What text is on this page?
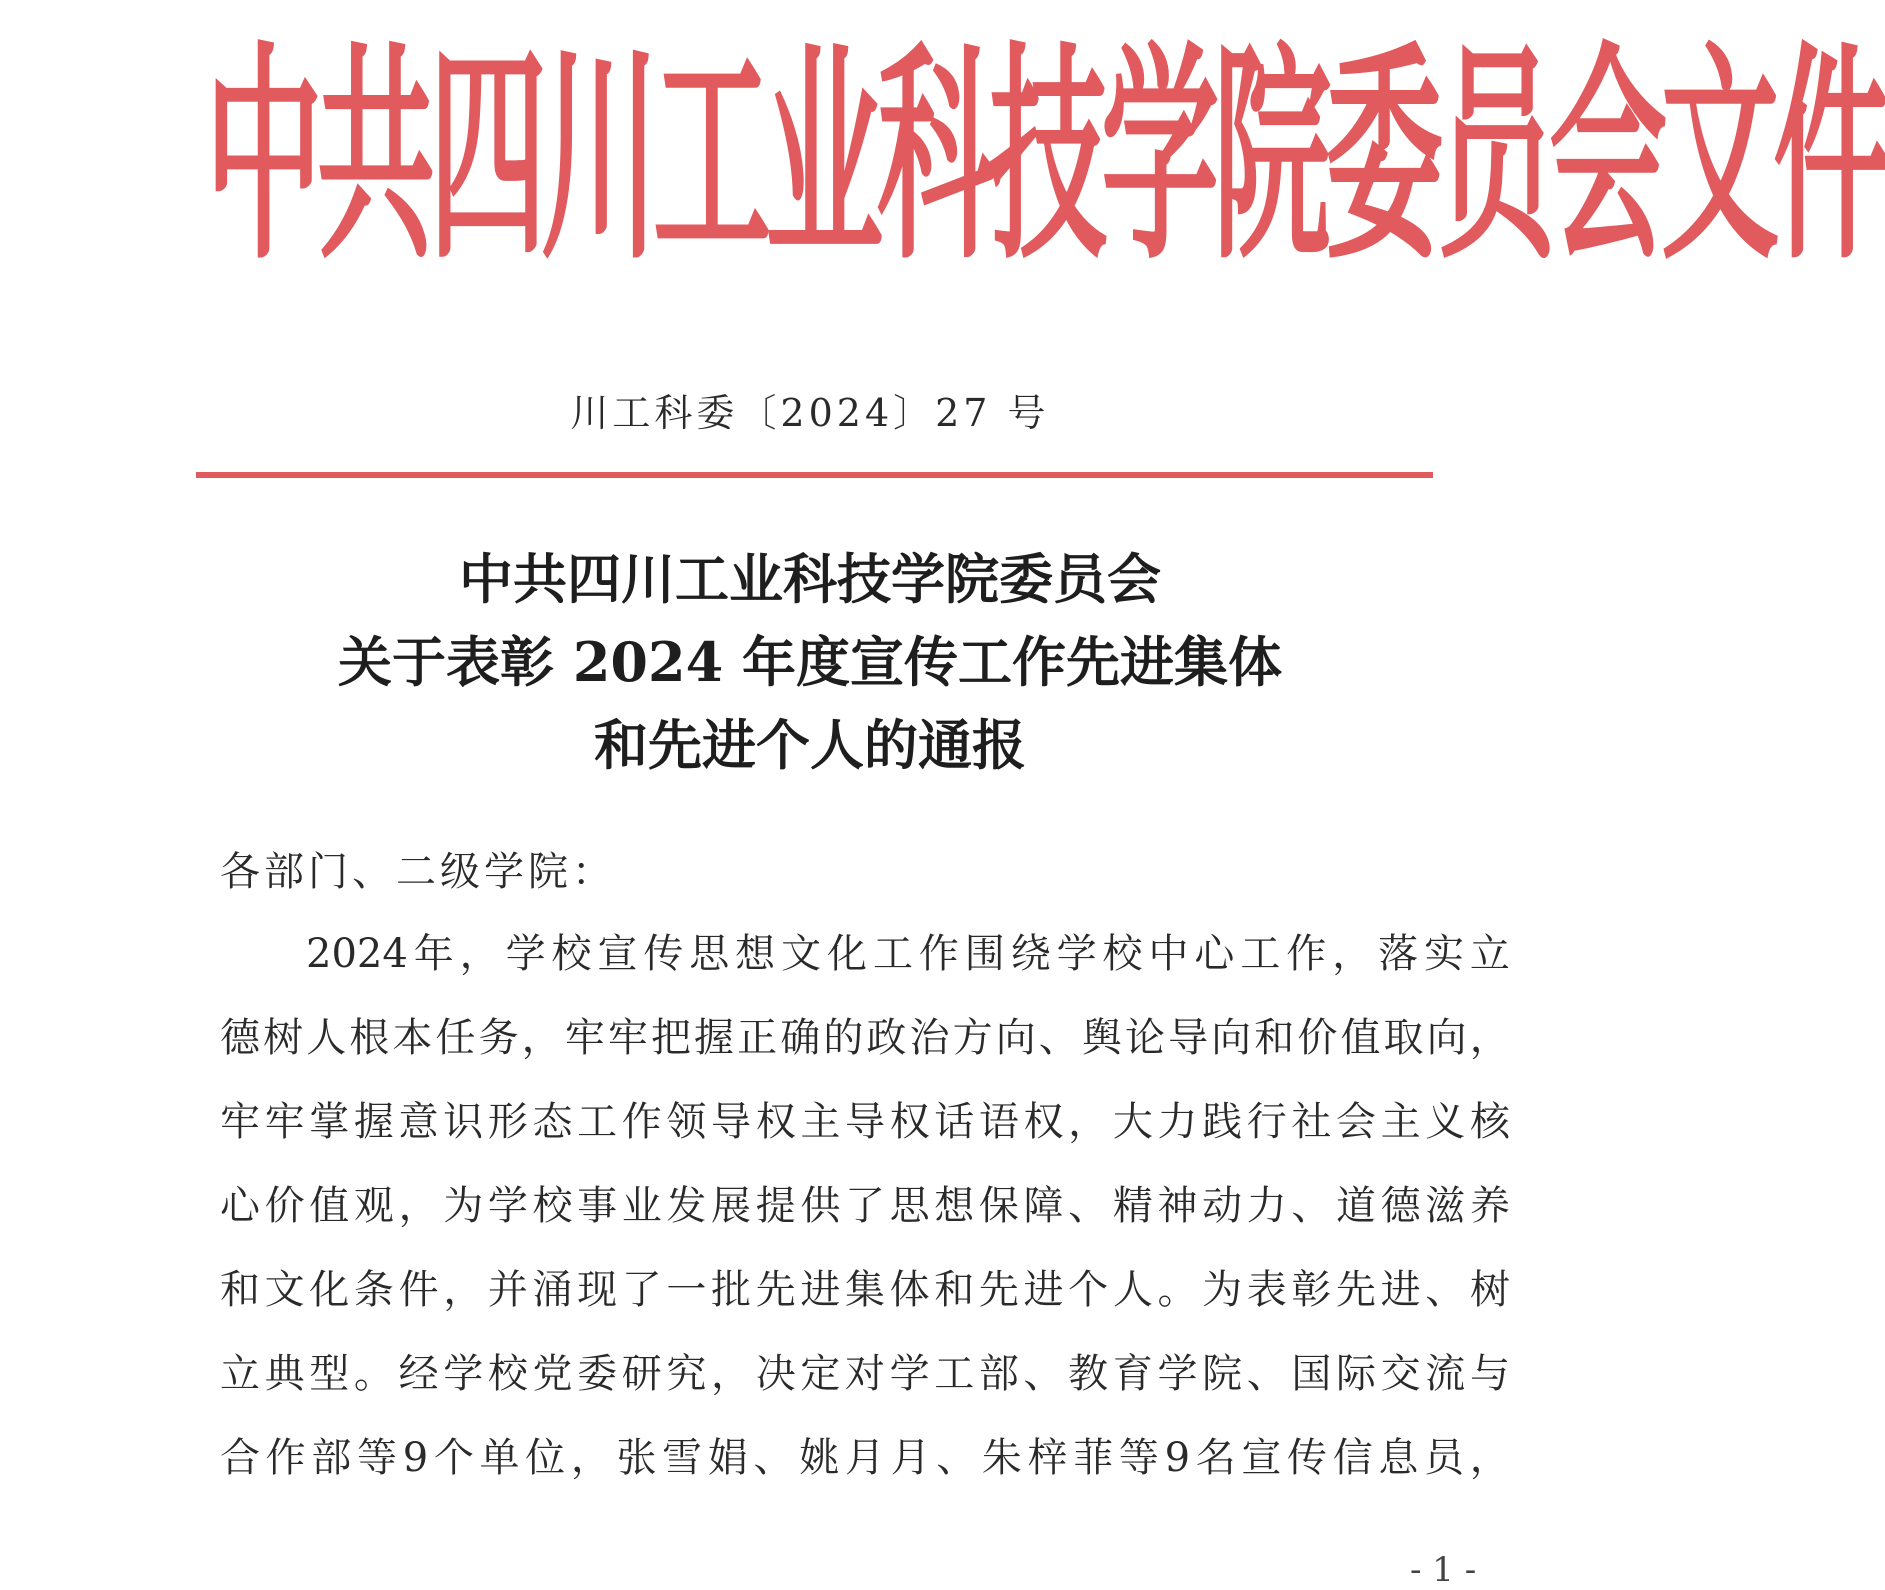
中 共 四 川 工 业 科 技 学 院 委 员 会 文 件
川工科委〔2024〕27 号
中共四川工业科技学院委员会
关于表彰 2024 年度宣传工作先进集体
和先进个人的通报
各部门、二级学院：
2024 年 ， 学 校 宣 传 思 想 文 化 工 作 围 绕 学 校 中 心 工 作 ， 落 实 立
德 树 人 根 本 任 务 ， 牢 牢 把 握 正 确 的 政 治 方 向 、 舆 论 导 向 和 价 值 取 向 ，
牢 牢 掌 握 意 识 形 态 工 作 领 导 权 主 导 权 话 语 权 ， 大 力 践 行 社 会 主 义 核
心 价 值 观 ， 为 学 校 事 业 发 展 提 供 了 思 想 保 障 、 精 神 动 力 、 道 德 滋 养
和 文 化 条 件 ， 并 涌 现 了 一 批 先 进 集 体 和 先 进 个 人 。 为 表 彰 先 进 、 树
立 典 型 。 经 学 校 党 委 研 究 ， 决 定 对 学 工 部 、 教 育 学 院 、 国 际 交 流 与
合 作 部 等 9 个 单 位 ， 张 雪 娟 、 姚 月 月 、 朱 梓 菲 等 9 名 宣 传 信 息 员 ，
- 1 -
